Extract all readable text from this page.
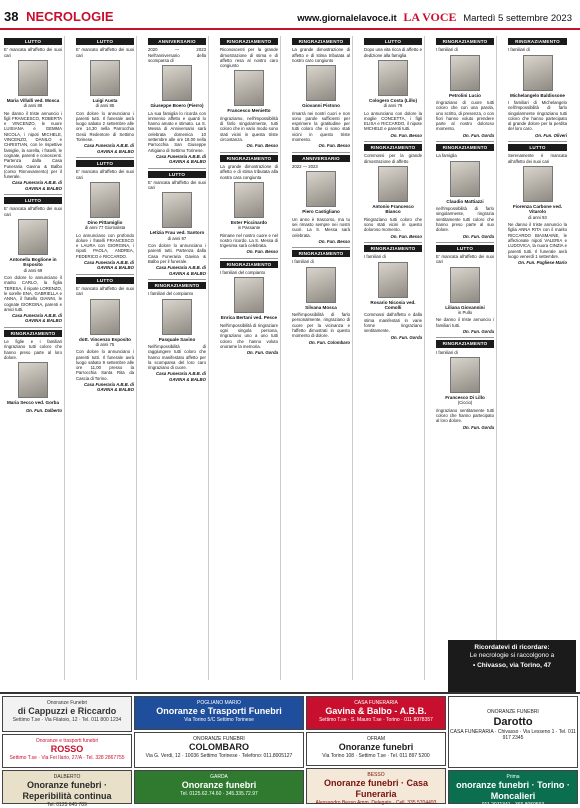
38 NECROLOGIE	www.giornalelavoce.it LA VOCE Martedì 5 settembre 2023
LUTTO
E' mancata all'affetto dei suoi cari
Maria Villalli ved. Mosca
di anni 88
Ne danno il triste annuncio i figli FRANCESCO, ROBERTA e VINCENZO, le nuore LUISIANA e GEMMA NICOLA, i nipoti MICHELE, VINCENZO, DANILO e CHRISTIAN, con le rispettive famiglie, la sorella, i fratelli, le cognate, parenti e conoscenti. Partenza dalla Casa Funeraria Gavina & Balbo (corso Rinnovamento) per il funerale.
Casa Funeraria A.B.B. di GAVINA & BALBO
LUTTO
E' mancata all'affetto dei suoi cari
Antonella Boglione in Esposito
di anni 69
Con dolore lo annunciano il marito CARLO, la figlia TERESA, il nipote LORENZO, le sorelle ENA, GABRIELLA e ANNA, il fratello GIANNI, le cognate GIORGINA, parenti e amici tutti.
Casa Funeraria A.B.B. di GAVINA & BALBO
RINGRAZIAMENTO
Le figlie e i familiari ringraziano tutti coloro che hanno preso parte al loro dolore.
Maria Secco ved. Gorba
On. Fun. Dalberto
LUTTO
E' mancato all'affetto dei suoi cari
Luigi Austa
di anni 85
Con dolore lo annunciano i parenti tutti. Il funerale avrà luogo sabato 2 settembre alle ore 14,30 nella Parrocchia Gesù Redentore di Settimo Torinese.
Casa Funeraria A.B.B. di GAVINA & BALBO
LUTTO
E' mancato all'affetto dei suoi cari
Dino Pittamiglio
di anni 77 Giornalista
Lo annunciano con profondo dolore i fratelli FRANCESCO e LAURA con GIORGINA, i nipoti PAOLA, ANDREA, FEDERICO e RICCARDO.
Casa Funeraria A.B.B. di GAVINA & BALBO
LUTTO
E' mancato all'affetto dei suoi cari
dott. Vincenzo Esposito
di anni 75
Con dolore lo annunciano i parenti tutti. Il funerale avrà luogo sabato 9 settembre alle ore 11,00 presso la Parrocchia Santa Rita da Cascia di Torino.
Casa Funeraria A.B.B. di GAVINA & BALBO
ANNIVERSARIO
2020 — 2023 Nell'anniversario della scomparsa di
Giuseppe Boero (Pierro)
La sua famiglia lo ricorda con immenso affetto e quanti lo hanno amato e stimato. La S. Messa di Anniversario sarà celebrata domenica 10 settembre alle ore 18,00 nella Parrocchia San Giuseppe Artigiano di Settimo Torinese.
Casa Funeraria A.B.B. di GAVINA & BALBO
LUTTO
E' mancata all'affetto dei suoi cari
Letizia Frau ved. Santoro
di anni 97
Con dolore lo annunciano i parenti tutti. Partenza dalla Casa Funeraria Gavina & Balbo per il funerale.
Casa Funeraria A.B.B. di GAVINA & BALBO
RINGRAZIAMENTO
I familiari del compianto
Pasquale Savino
Nell'impossibilità di raggiungere tutti coloro che hanno manifestato affetto per la scomparsa del loro caro ringraziano di cuore.
Casa Funeraria A.B.B. di GAVINA & BALBO
RINGRAZIAMENTO
Riconoscenti per la grande dimostrazione di stima e di affetto resa al nostro caro congiunto
Francesco Menietto
ringraziamo, nell'impossibilità di farlo singolarmente, tutti coloro che in vario modo sono stati vicini in questa triste circostanza.
On. Fun. Besso
RINGRAZIAMENTO
La grande dimostrazione di affetto e di stima tributata alla nostra cara congiunta
Ester Piccinardo
in Passante
Rimane nel nostro cuore e nel nostro ricordo. La S. Messa di trigesima sarà celebrata.
On. Fun. Besso
RINGRAZIAMENTO
I familiari del compianto
Enrica Bertani ved. Pesce
Nell'impossibilità di ringraziare ogni singola persona, ringraziano uno a uno tutti coloro che hanno voluto onorarne la memoria.
On. Fun. Gorda
RINGRAZIAMENTO
La grande dimostrazione di affetto e di stima tributata al nostro caro congiunto
Giovanni Pistono
rimarrà nei nostri cuori e non sono parole sufficienti per esprimere la gratitudine per tutti coloro che ci sono stati vicini in questo triste momento.
On. Fun. Besso
ANNIVERSARIO
2022 — 2023
Piero Castigliano
Un anno è trascorso, ma tu sei rimasto sempre nei nostri cuori. La S. Messa sarà celebrata.
On. Fun. Besso
RINGRAZIAMENTO
I familiari di
Silvana Mosca
Nell'impossibilità di farlo personalmente, ringraziano di cuore per la vicinanza e l'affetto dimostrati in questo momento di dolore.
On. Fun. Colombaro
LUTTO
Dopo una vita ricca di affetto e dedizione alla famiglia
Cologero Costa (Lillo)
di anni 79
Lo annunciano con dolore la moglie CONCETTA, i figli ELISA e RICCARDO, il nipote MICHELE e parenti tutti.
On. Fun. Besso
RINGRAZIAMENTO
Commossi per la grande dimostrazione di affetto
Antonio Francesco Bianco
Ringraziano tutti coloro che sono stati vicini in questo doloroso momento.
On. Fun. Besso
RINGRAZIAMENTO
I familiari di
Rosario Nicosia ved. Comolli
Commossi dall'affetto e dalla stima manifestati in varie forme ringraziano sentitamente.
On. Fun. Gorda
RINGRAZIAMENTO
I familiari di
Petrolini Lucio
ringraziano di cuore tutti coloro che con una parola, uno scritto, di presenza, o con fiori hanno voluto prendere parte al nostro doloroso momento.
On. Fun. Gorda
RINGRAZIAMENTO
La famiglia
Claudio Mattiazzi
nell'impossibilità di farlo singolarmente, ringrazia sentitamente tutti coloro che hanno preso parte al suo dolore.
On. Fun. Gorda
LUTTO
E' mancata all'affetto dei suoi cari
Liliana Giovannini
in Pullo
Ne danno il triste annuncio i familiari tutti.
On. Fun. Gorda
RINGRAZIAMENTO
I familiari di
Francesco Di Lillo
(Ciccio)
ringraziano sentitamente tutti coloro che hanno partecipato al loro dolore.
On. Fun. Gorda
RINGRAZIAMENTO
I familiari di
Michelangelo Baldissone
I familiari di Michelangelo nell'impossibilità di farlo singolarmente ringraziano tutti coloro che hanno partecipato al grande dolore per la perdita del loro caro.
On. Fun. Oliveri
LUTTO
Serenamente è mancata all'affetto dei suoi cari
Fiorenza Carbone ved. Vitarolo
di anni 93
Ne danno il triste annuncio la figlia ANNA RITA con il marito RICCARDO BIASMAINE, le affezionate nipoti VALERIA e LUDOVICA, la nuora CINZIA e parenti tutti. Il funerale avrà luogo venerdì 1 settembre.
On. Fun. Pugliese Mario
Ricordatevi di ricordare:
Le necrologie si raccolgono a
• Chivasso, via Torino, 47
Onoranze Funebri
di Cappuzzi e Riccardo
Settimo T.se · Via Filatoio, 12 · Tel. 011 800 1234
Onoranze e trasporti funebri
ROSSO
Settimo T.se · Via Fei Ilario, 27/A · Tel. 328 2867755
DALBERTO
Onoranze funebri · Reperibilità continua
Tel. 0125 645 789
POGLIANO MARIO
Onoranze e Trasporti Funebri
Via Torino 5/C Settimo Torinese
ONORANZE FUNEBRI
COLOMBARO
Via G. Verdi, 12 · 10036 Settimo Torinese · Telefono: 011.8005127
GARDA
Onoranze funebri
Tel. 0125.62.74.60 · 345.335.72.97
CASA FUNERARIA
Gavina & Balbo - A.B.B.
Settimo T.se · S. Mauro T.se · Torino · 011 8978357
OFRAM
Onoranze funebri
Via Torino 108 · Settimo T.se · Tel. 011 897 5200
BESSO
Onoranze funebri · Casa Funeraria
Alessandro Besso Amm. Delegato · Cell. 335 5704493
ONORANZE FUNEBRI
Darotto
CASA FUNERARIA · Chivasso · Via Lesseno 1 · Tel. 011 917 2345
Prima
onoranze funebri · Torino · Moncalieri
011 2071341 · 366 8050593
